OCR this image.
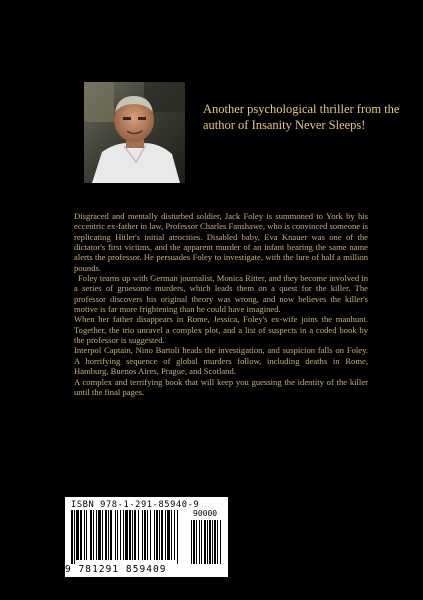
Another psychological thriller from the author of Insanity Never Sleeps!

Disgraced and mentally disturbed soldier, Jack Foley is summoned to York by his eccentric ex-father in law, Professor Charles Fanshawe, who is convinced someone is replicating Hitler's initial atrocities. Disabled baby, Eva Knauer was one of the dictator's first victims, and the apparent murder of an infant bearing the same name alerts the professor. He persuades Foley to investigate, with the lure of half a million pounds.

Foley teams up with German journalist, Monica Ritter, and they become involved in a series of gruesome murders, which leads them on a quest for the killer. The professor discovers his original theory was wrong, and now believes the killer's motive is far more frightening than he could have imagined.

When her father disappears in Rome, Jessica, Foley's ex-wife joins the manhunt. Together, the trio unravel a complex plot, and a list of suspects in a coded book by the professor is suggested.

Interpol Captain, Nino Bartoli heads the investigation, and suspicion falls on Foley. A horrifying sequence of global murders follow, including deaths in Rome, Hamburg, Buenos Aires, Prague, and Scotland.

A complex and terrifying book that will keep you guessing the identity of the killer until the final pages.

ISBN 978-1-291-85940-9
90000
9 781291 859409
